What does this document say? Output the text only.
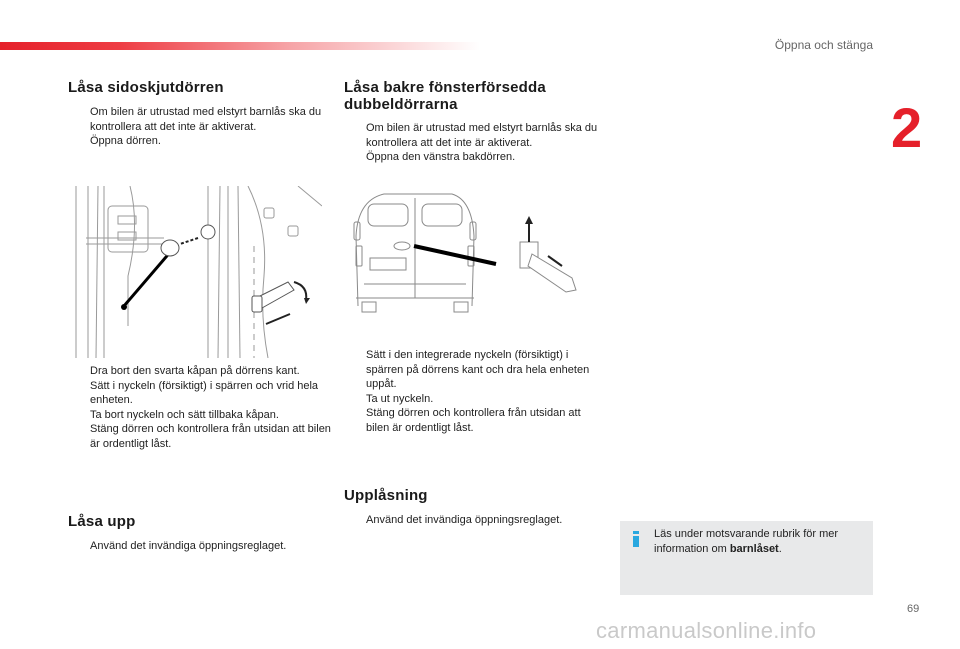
Öppna och stänga
2
Låsa sidoskjutdörren
Om bilen är utrustad med elstyrt barnlås ska du kontrollera att det inte är aktiverat.
Öppna dörren.
Dra bort den svarta kåpan på dörrens kant.
Sätt i nyckeln (försiktigt) i spärren och vrid hela enheten.
Ta bort nyckeln och sätt tillbaka kåpan.
Stäng dörren och kontrollera från utsidan att bilen är ordentligt låst.
Låsa upp
Använd det invändiga öppningsreglaget.
Låsa bakre fönsterförsedda dubbeldörrarna
Om bilen är utrustad med elstyrt barnlås ska du kontrollera att det inte är aktiverat.
Öppna den vänstra bakdörren.
Sätt i den integrerade nyckeln (försiktigt) i spärren på dörrens kant och dra hela enheten uppåt.
Ta ut nyckeln.
Stäng dörren och kontrollera från utsidan att bilen är ordentligt låst.
Upplåsning
Använd det invändiga öppningsreglaget.
Läs under motsvarande rubrik för mer information om barnlåset.
69
carmanualsonline.info
